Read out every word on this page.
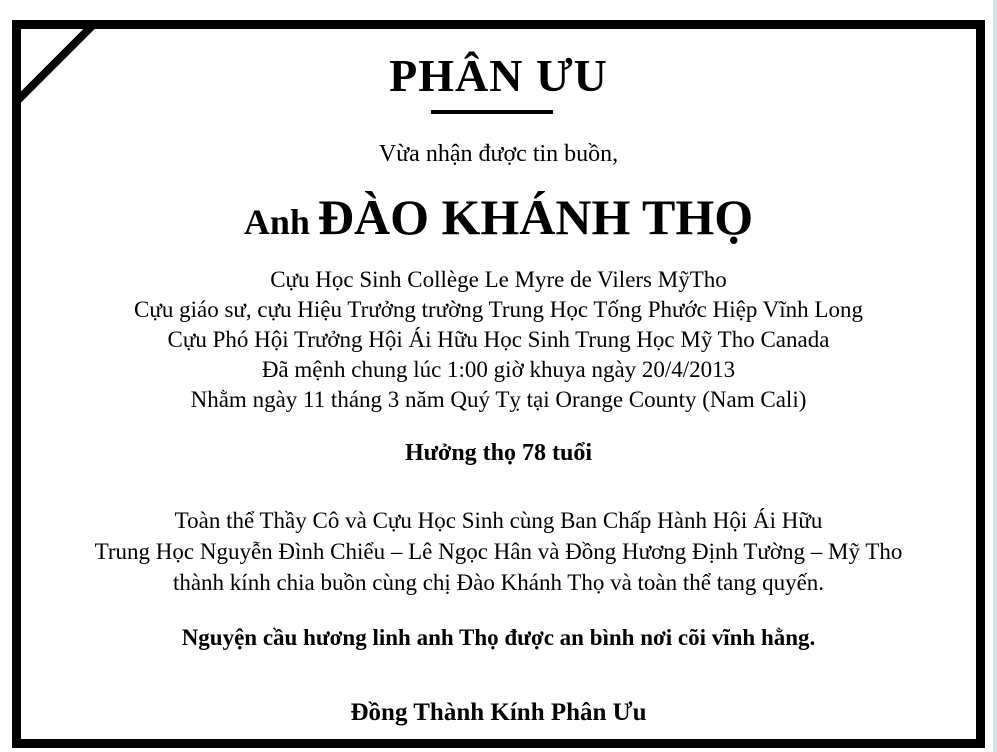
PHÂN ƯU
Vừa nhận được tin buồn,
Anh ĐÀO KHÁNH THỌ
Cựu Học Sinh Collège Le Myre de Vilers MỹTho
Cựu giáo sư, cựu Hiệu Trưởng trường Trung Học Tống Phước Hiệp Vĩnh Long
Cựu Phó Hội Trưởng Hội Ái Hữu Học Sinh Trung Học Mỹ Tho Canada
Đã mệnh chung lúc 1:00 giờ khuya ngày 20/4/2013
Nhằm ngày 11 tháng 3 năm Quý Tỵ tại Orange County (Nam Cali)
Hưởng thọ 78 tuổi
Toàn thể Thầy Cô và Cựu Học Sinh cùng Ban Chấp Hành Hội Ái Hữu
Trung Học Nguyễn Đình Chiểu – Lê Ngọc Hân và Đồng Hương Định Tường – Mỹ Tho
thành kính chia buồn cùng chị Đào Khánh Thọ và toàn thể tang quyến.
Nguyện cầu hương linh anh Thọ được an bình nơi cõi vĩnh hằng.
Đồng Thành Kính Phân Ưu
